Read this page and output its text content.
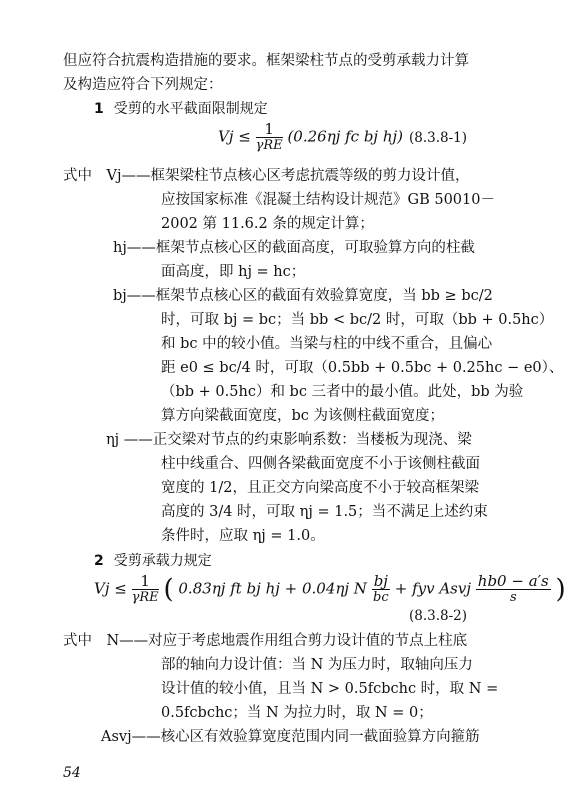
但应符合抗震构造措施的要求。框架梁柱节点的受剪承载力计算
及构造应符合下列规定：
1 受剪的水平截面限制规定
$Vj \le \frac{1}{\text{γRE}} (0.26\eta j$ fc bj hj) (8.3.8-1)
式中　Vj——框架梁柱节点核心区考虑抗震等级的剪力设计值，
应按国家标准《混凝土结构设计规范》GB 50010－
2002 第 11.6.2 条的规定计算；
hj——框架节点核心区的截面高度，可取验算方向的柱截
面高度，即 hj = hc；
bj——框架节点核心区的截面有效验算宽度，当 bb ≥ bc/2
时，可取 bj = bc；当 bb < bc/2 时，可取（bb + 0.5hc）
和 bc 中的较小值。当梁与柱的中线不重合，且偏心
距 e0 ≤ bc/4 时，可取（0.5bb + 0.5bc + 0.25hc − e0）、
（bb + 0.5hc）和 bc 三者中的最小值。此处，bb 为验
算方向梁截面宽度，bc 为该侧柱截面宽度；
ηj ——正交梁对节点的约束影响系数：当楼板为现浇、梁
柱中线重合、四侧各梁截面宽度不小于该侧柱截面
宽度的 1/2，且正交方向梁高度不小于较高框架梁
高度的 3/4 时，可取 ηj = 1.5；当不满足上述约束
条件时，应取 ηj = 1.0。
2 受剪承载力规定
$Vj \le \frac{1}{\text{γRE}}$ ( 0.83ηj ft bj hj + 0.04ηj N $\frac{bj}{bc}$ + fyv Asvj $\frac{hb0 - a's}{s}$ )
(8.3.8-2)
式中　N——对应于考虑地震作用组合剪力设计值的节点上柱底
部的轴向力设计值：当 N 为压力时，取轴向压力
设计值的较小值，且当 N > 0.5fcbchc 时，取 N =
0.5fcbchc；当 N 为拉力时，取 N = 0；
Asvj——核心区有效验算宽度范围内同一截面验算方向箍筋
54
